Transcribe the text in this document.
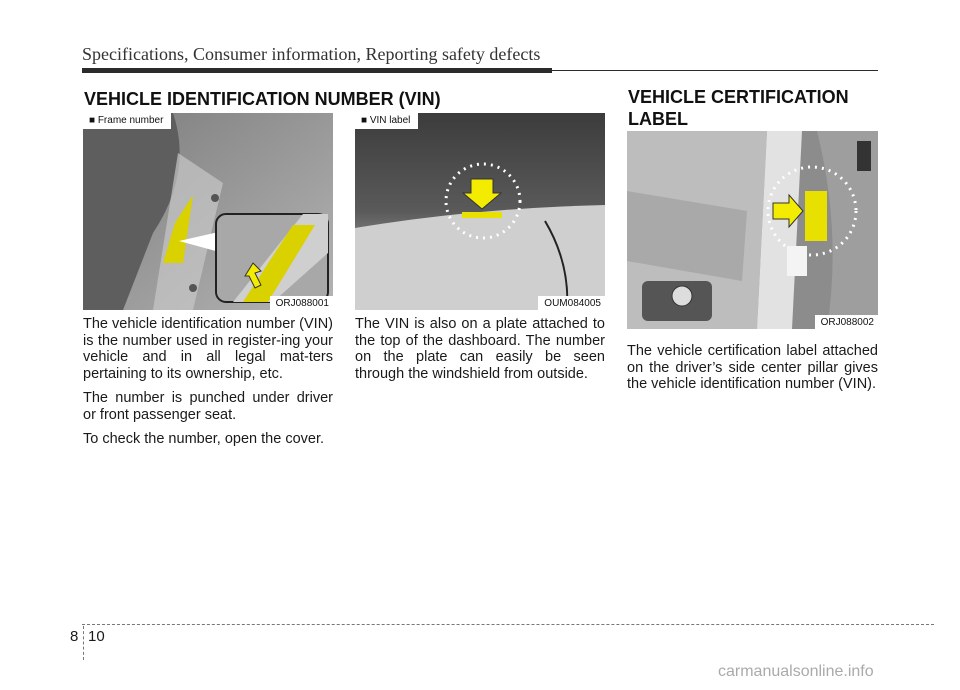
Specifications, Consumer information, Reporting safety defects
VEHICLE IDENTIFICATION NUMBER (VIN)	VEHICLE CERTIFICATION LABEL
■ Frame number
ORJ088001
■ VIN label
OUM084005
ORJ088002

The vehicle identification number (VIN) is the number used in register-ing your vehicle and in all legal mat-ters pertaining to its ownership, etc.

The number is punched under driver or front passenger seat.

To check the number, open the cover.

The VIN is also on a plate attached to the top of the dashboard. The number on the plate can easily be seen through the windshield from outside.

The vehicle certification label attached on the driver’s side center pillar gives the vehicle identification number (VIN).

8 10
carmanualsonline.info
